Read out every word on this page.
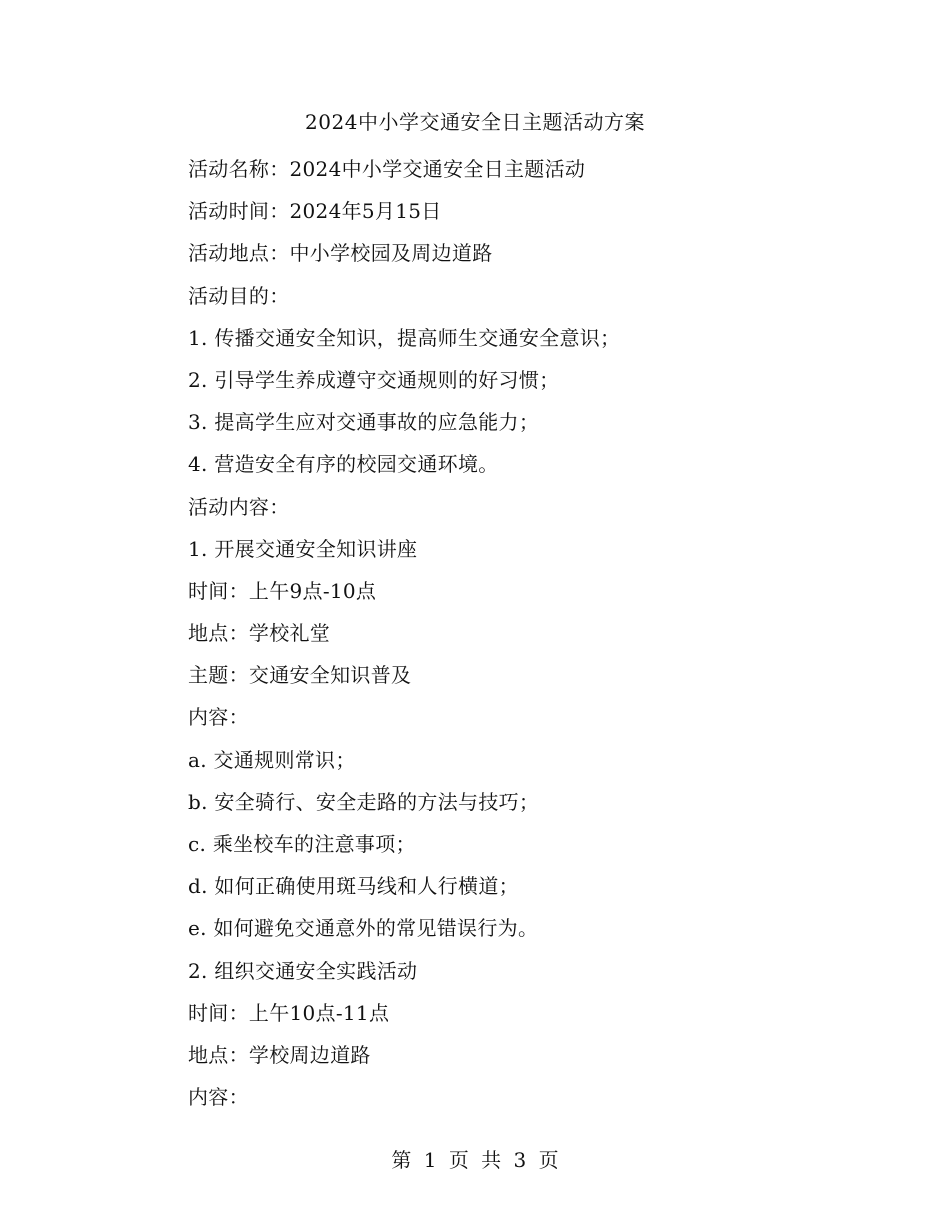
2024中小学交通安全日主题活动方案
活动名称：2024中小学交通安全日主题活动
活动时间：2024年5月15日
活动地点：中小学校园及周边道路
活动目的：
1. 传播交通安全知识，提高师生交通安全意识；
2. 引导学生养成遵守交通规则的好习惯；
3. 提高学生应对交通事故的应急能力；
4. 营造安全有序的校园交通环境。
活动内容：
1. 开展交通安全知识讲座
时间：上午9点-10点
地点：学校礼堂
主题：交通安全知识普及
内容：
a. 交通规则常识；
b. 安全骑行、安全走路的方法与技巧；
c. 乘坐校车的注意事项；
d. 如何正确使用斑马线和人行横道；
e. 如何避免交通意外的常见错误行为。
2. 组织交通安全实践活动
时间：上午10点-11点
地点：学校周边道路
内容：
第 1 页 共 3 页
